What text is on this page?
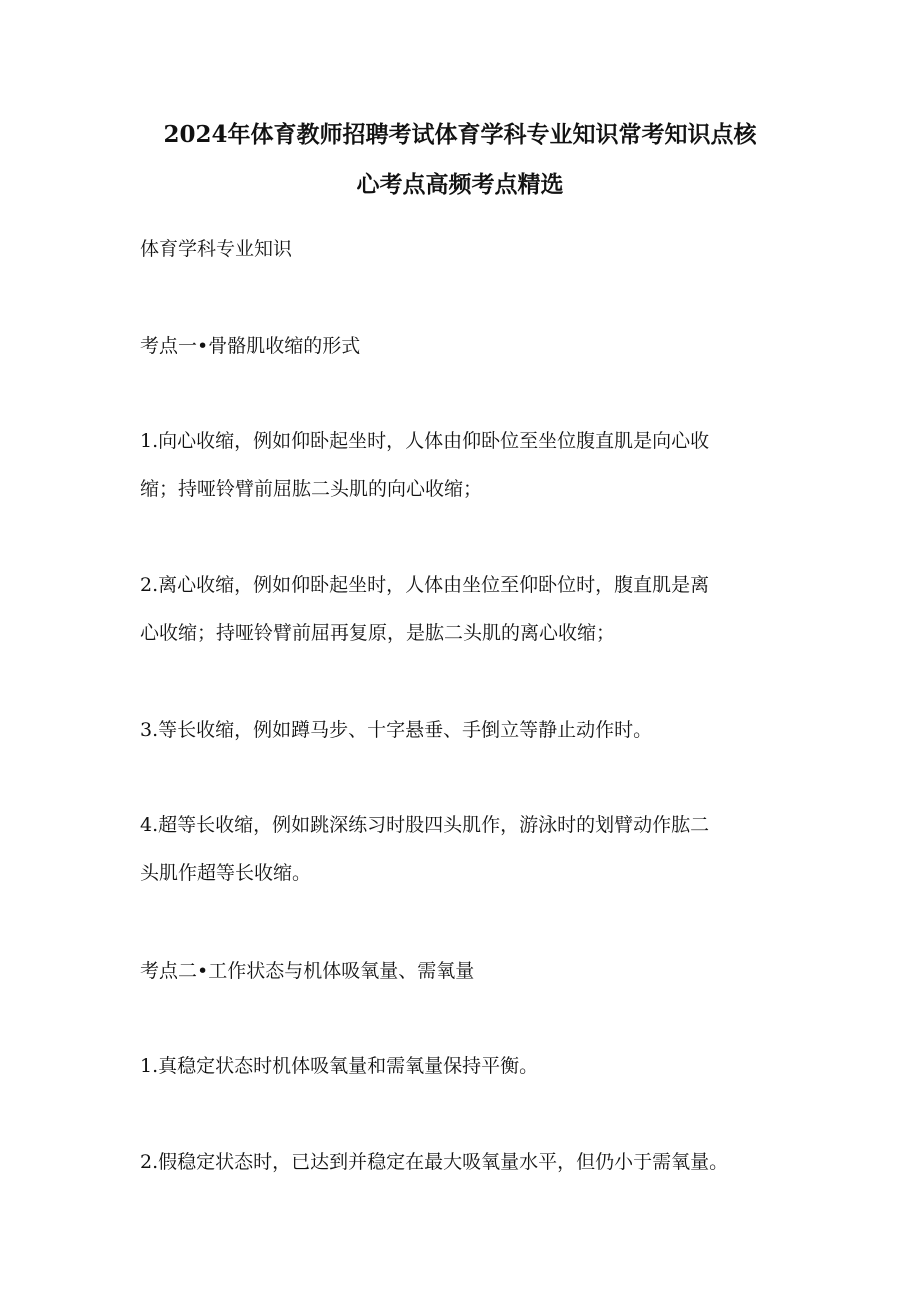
2024年体育教师招聘考试体育学科专业知识常考知识点核
心考点高频考点精选
体育学科专业知识
考点一•骨骼肌收缩的形式
1.向心收缩，例如仰卧起坐时，人体由仰卧位至坐位腹直肌是向心收
缩；持哑铃臂前屈肱二头肌的向心收缩；
2.离心收缩，例如仰卧起坐时，人体由坐位至仰卧位时，腹直肌是离
心收缩；持哑铃臂前屈再复原，是肱二头肌的离心收缩；
3.等长收缩，例如蹲马步、十字悬垂、手倒立等静止动作时。
4.超等长收缩，例如跳深练习时股四头肌作，游泳时的划臂动作肱二
头肌作超等长收缩。
考点二•工作状态与机体吸氧量、需氧量
1.真稳定状态时机体吸氧量和需氧量保持平衡。
2.假稳定状态时，已达到并稳定在最大吸氧量水平，但仍小于需氧量。
